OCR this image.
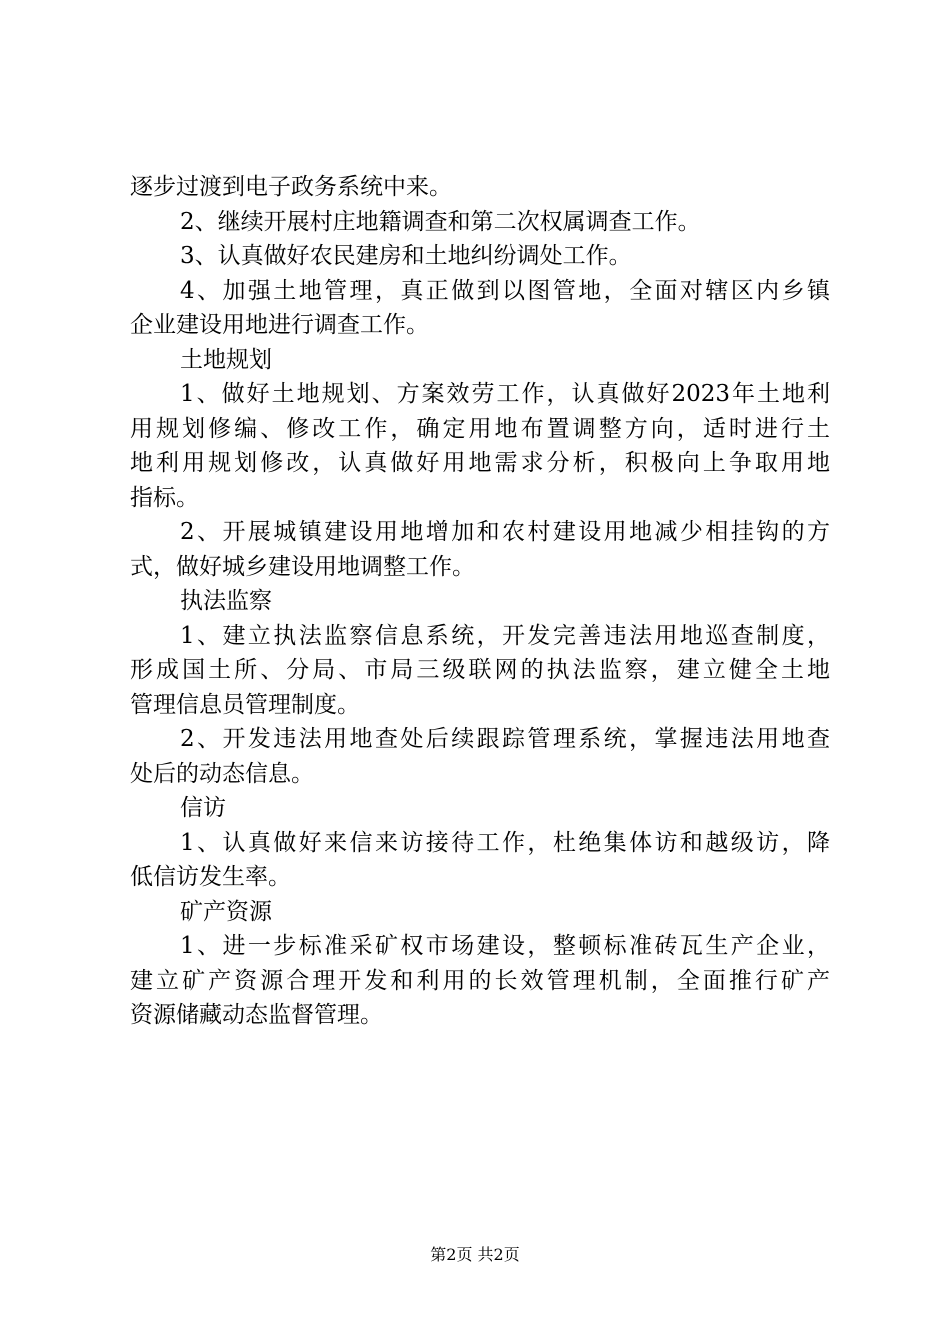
逐步过渡到电子政务系统中来。
2、继续开展村庄地籍调查和第二次权属调查工作。
3、认真做好农民建房和土地纠纷调处工作。
4、加强土地管理，真正做到以图管地，全面对辖区内乡镇
企业建设用地进行调查工作。
土地规划
1、做好土地规划、方案效劳工作，认真做好2023年土地利
用规划修编、修改工作，确定用地布置调整方向，适时进行土
地利用规划修改，认真做好用地需求分析，积极向上争取用地
指标。
2、开展城镇建设用地增加和农村建设用地减少相挂钩的方
式，做好城乡建设用地调整工作。
执法监察
1、建立执法监察信息系统，开发完善违法用地巡查制度，
形成国土所、分局、市局三级联网的执法监察，建立健全土地
管理信息员管理制度。
2、开发违法用地查处后续跟踪管理系统，掌握违法用地查
处后的动态信息。
信访
1、认真做好来信来访接待工作，杜绝集体访和越级访，降
低信访发生率。
矿产资源
1、进一步标准采矿权市场建设，整顿标准砖瓦生产企业，
建立矿产资源合理开发和利用的长效管理机制，全面推行矿产
资源储藏动态监督管理。
第2页 共2页
